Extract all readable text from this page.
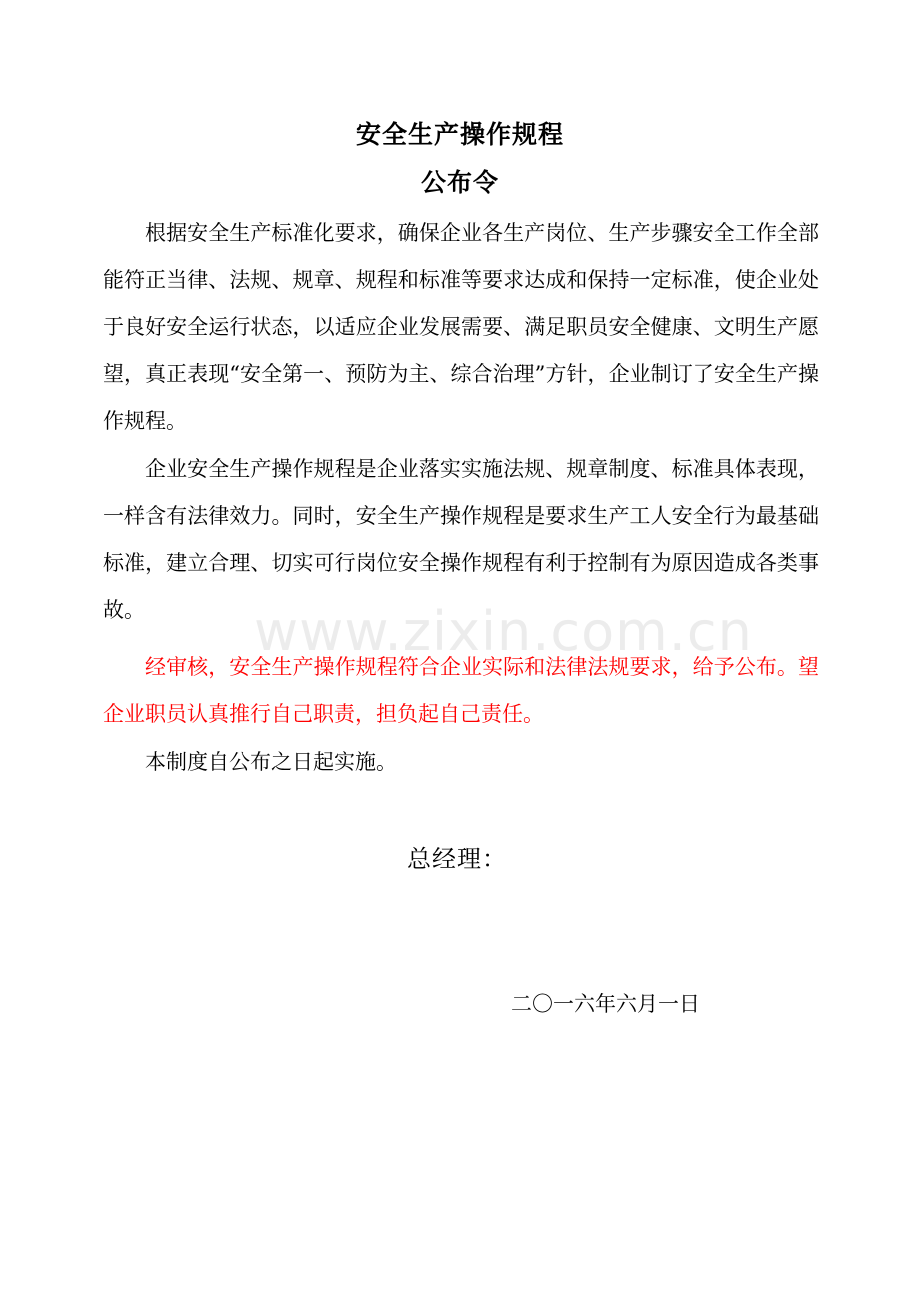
安全生产操作规程
公布令

根据安全生产标准化要求，确保企业各生产岗位、生产步骤安全工作全部能符正当律、法规、规章、规程和标准等要求达成和保持一定标准，使企业处于良好安全运行状态，以适应企业发展需要、满足职员安全健康、文明生产愿望，真正表现“安全第一、预防为主、综合治理”方针，企业制订了安全生产操作规程。

企业安全生产操作规程是企业落实实施法规、规章制度、标准具体表现，一样含有法律效力。同时，安全生产操作规程是要求生产工人安全行为最基础标准，建立合理、切实可行岗位安全操作规程有利于控制有为原因造成各类事故。

经审核，安全生产操作规程符合企业实际和法律法规要求，给予公布。望企业职员认真推行自己职责，担负起自己责任。

本制度自公布之日起实施。

www.zixin.com.cn
总经理：
二〇一六年六月一日
